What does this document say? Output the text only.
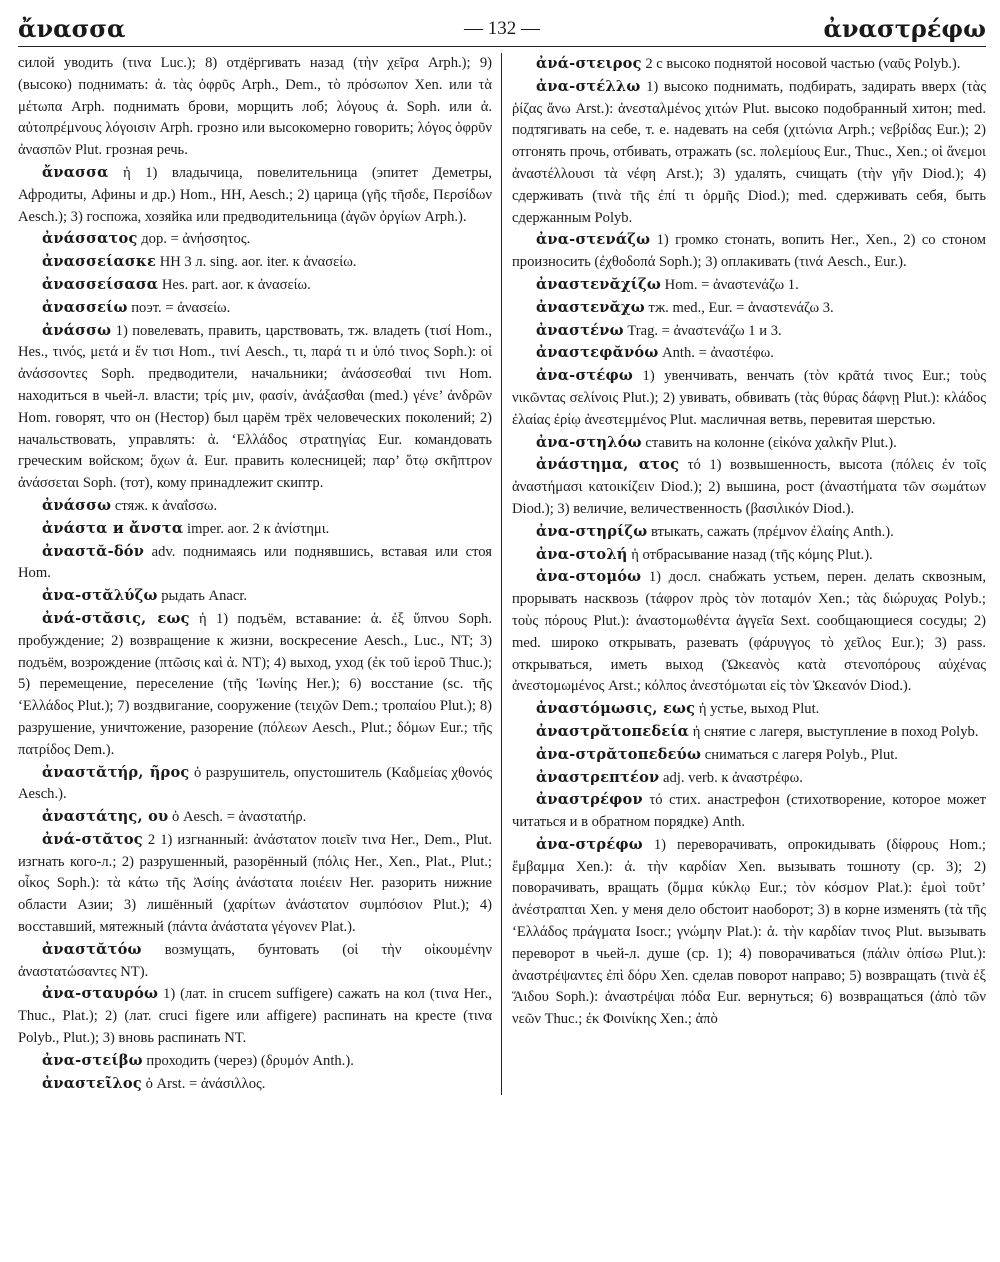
ἄνασσα	— 132 —	ἀναστρέφω

силой уводить (τινα Luc.); 8) отдёргивать назад (τὴν χεῖρα Arph.); 9) (высоко) поднимать: ἀ. τὰς ὀφρῦς Arph., Dem., τὸ πρόσωπον Xen. или τὰ μέτωπα Arph. поднимать брови, морщить лоб; λόγους ἀ. Soph. или ἀ. αὐτοπρέμνους λόγοισιν Arph. грозно или высокомерно говорить; λόγος ὀφρῦν ἀνασπῶν Plut. грозная речь.

ἄνασσα ἡ 1) владычица, повелительница (эпитет Деметры, Афродиты, Афины и др.) Hom., HH, Aesch.; 2) царица (γῆς τῆσδε, Περσίδων Aesch.); 3) госпожа, хозяйка или предводительница (ἀγῶν ὀργίων Arph.).

ἀνάσσατος дор. = ἀνήσσητος.

ἀνασσείασκε HH 3 л. sing. aor. iter. к ἀνασείω.

ἀνασσείσασα Hes. part. aor. к ἀνασείω.

ἀνασσείω поэт. = ἀνασείω.

ἀνάσσω 1) повелевать, править, царствовать, тж. владеть (τισί Hom., Hes., τινός, μετά и ἔν τισι Hom., τινί Aesch., τι, παρά τι и ὑπό τινος Soph.): οἱ ἀνάσσοντες Soph. предводители, начальники; ἀνάσσεσθαί τινι Hom. находиться в чьей-л. власти; τρίς μιν, φασίν, ἀνάξασθαι (med.) γένε’ ἀνδρῶν Hom. говорят, что он (Нестор) был царём трёх человеческих поколений; 2) начальствовать, управлять: ἀ. ‘Ελλάδος στρατηγίας Eur. командовать греческим войском; ὄχων ἀ. Eur. править колесницей; παρ’ ὅτῳ σκῆπτρον ἀνάσσεται Soph. (тот), кому принадлежит скиптр.

ἀνάσσω стяж. к ἀναΐσσω.

ἀνάστα и ἄνστα imper. aor. 2 к ἀνίστημι.

ἀναστᾰ-δόν adv. поднимаясь или поднявшись, вставая или стоя Hom.

ἀνα-στᾰλύζω рыдать Anacr.

ἀνά-στᾰσις, εως ἡ 1) подъём, вставание: ἀ. ἐξ ὕπνου Soph. пробуждение; 2) возвращение к жизни, воскресение Aesch., Luc., NT; 3) подъём, возрождение (πτῶσις καὶ ἀ. NT); 4) выход, уход (ἐκ τοῦ ἱεροῦ Thuc.); 5) перемещение, переселение (τῆς Ἰωνίης Her.); 6) восстание (sc. τῆς ‘Ελλάδος Plut.); 7) воздвигание, сооружение (τειχῶν Dem.; τροπαίου Plut.); 8) разрушение, уничтожение, разорение (πόλεων Aesch., Plut.; δόμων Eur.; τῆς πατρίδος Dem.).

ἀναστᾰτήρ, ῆρος ὁ разрушитель, опустошитель (Καδμείας χθονός Aesch.).

ἀναστάτης, ου ὁ Aesch. = ἀναστατήρ.

ἀνά-στᾰτος 2 1) изгнанный: ἀνάστατον ποιεῖν τινα Her., Dem., Plut. изгнать кого-л.; 2) разрушенный, разорённый (πόλις Her., Xen., Plat., Plut.; οἶκος Soph.): τὰ κάτω τῆς Ἀσίης ἀνάστατα ποιέειν Her. разорить нижние области Азии; 3) лишённый (χαρίτων ἀνάστατον συμπόσιον Plut.); 4) восставший, мятежный (πάντα ἀνάστατα γέγονεν Plat.).

ἀναστᾰτόω возмущать, бунтовать (οἱ τὴν οἰκουμένην ἀναστατώσαντες NT).

ἀνα-σταυρόω 1) (лат. in crucem suffigere) сажать на кол (τινα Her., Thuc., Plat.); 2) (лат. cruci figere или affigere) распинать на кресте (τινα Polyb., Plut.); 3) вновь распинать NT.

ἀνα-στείβω проходить (через) (δρυμόν Anth.).

ἀναστεῖλος ὁ Arst. = ἀνάσιλλος.

ἀνά-στειρος 2 с высоко поднятой носовой частью (ναῦς Polyb.).

ἀνα-στέλλω 1) высоко поднимать, подбирать, задирать вверх (τὰς ῥίζας ἄνω Arst.): ἀνεσταλμένος χιτών Plut. высоко подобранный хитон; med. подтягивать на себе, т. е. надевать на себя (χιτώνια Arph.; νεβρίδας Eur.); 2) отгонять прочь, отбивать, отражать (sc. πολεμίους Eur., Thuc., Xen.; οἱ ἄνεμοι ἀναστέλλουσι τὰ νέφη Arst.); 3) удалять, счищать (τὴν γῆν Diod.); 4) сдерживать (τινὰ τῆς ἐπί τι ὁρμῆς Diod.); med. сдерживать себя, быть сдержанным Polyb.

ἀνα-στενάζω 1) громко стонать, вопить Her., Xen., 2) со стоном произносить (ἐχθοδοπά Soph.); 3) оплакивать (τινά Aesch., Eur.).

ἀναστενᾰχίζω Hom. = ἀναστενάζω 1.

ἀναστενᾰχω тж. med., Eur. = ἀναστενάζω 3.

ἀναστένω Trag. = ἀναστενάζω 1 и 3.

ἀναστεφᾰνόω Anth. = ἀναστέφω.

ἀνα-στέφω 1) увенчивать, венчать (τὸν κρᾶτά τινος Eur.; τοὺς νικῶντας σελίνοις Plut.); 2) увивать, обвивать (τὰς θύρας δάφνῃ Plut.): κλάδος ἐλαίας ἐρίῳ ἀνεστεμμένος Plut. масличная ветвь, перевитая шерстью.

ἀνα-στηλόω ставить на колонне (εἰκόνα χαλκῆν Plut.).

ἀνάστημα, ατος τό 1) возвышенность, высота (πόλεις ἐν τοῖς ἀναστήμασι κατοικίζειν Diod.); 2) вышина, рост (ἀναστήματα τῶν σωμάτων Diod.); 3) величие, величественность (βασιλικόν Diod.).

ἀνα-στηρίζω втыкать, сажать (πρέμνον ἐλαίης Anth.).

ἀνα-στολή ἡ отбрасывание назад (τῆς κόμης Plut.).

ἀνα-στομόω 1) досл. снабжать устьем, перен. делать сквозным, прорывать насквозь (τάφρον πρὸς τὸν ποταμόν Xen.; τὰς διώρυχας Polyb.; τοὺς πόρους Plut.): ἀναστομωθέντα ἀγγεῖα Sext. сообщающиеся сосуды; 2) med. широко открывать, разевать (φάρυγγος τὸ χεῖλος Eur.); 3) pass. открываться, иметь выход (Ὠκεανὸς κατὰ στενοπόρους αὐχένας ἀνεστομωμένος Arst.; κόλπος ἀνεστόμωται εἰς τὸν Ὠκεανόν Diod.).

ἀναστόμωσις, εως ἡ устье, выход Plut.

ἀναστρᾰτοπεδεία ἡ снятие с лагеря, выступление в поход Polyb.

ἀνα-στρᾰτοπεδεύω сниматься с лагеря Polyb., Plut.

ἀναστρεπτέον adj. verb. к ἀναστρέφω.

ἀναστρέφον τό стих. анастрефон (стихотворение, которое может читаться и в обратном порядке) Anth.

ἀνα-στρέφω 1) переворачивать, опрокидывать (δίφρους Hom.; ἔμβαμμα Xen.): ἀ. τὴν καρδίαν Xen. вызывать тошноту (ср. 3); 2) поворачивать, вращать (ὄμμα κύκλῳ Eur.; τὸν κόσμον Plat.): ἐμοὶ τοῦτ’ ἀνέστραπται Xen. у меня дело обстоит наоборот; 3) в корне изменять (τὰ τῆς ‘Ελλάδος πράγματα Isocr.; γνώμην Plat.): ἀ. τὴν καρδίαν τινος Plut. вызывать переворот в чьей-л. душе (ср. 1); 4) поворачиваться (πάλιν ὀπίσω Plut.): ἀναστρέψαντες ἐπὶ δόρυ Xen. сделав поворот направо; 5) возвращать (τινὰ ἐξ Ἅιδου Soph.): ἀναστρέψαι πόδα Eur. вернуться; 6) возвращаться (ἀπὸ τῶν νεῶν Thuc.; ἐκ Φοινίκης Xen.; ἀπὸ
